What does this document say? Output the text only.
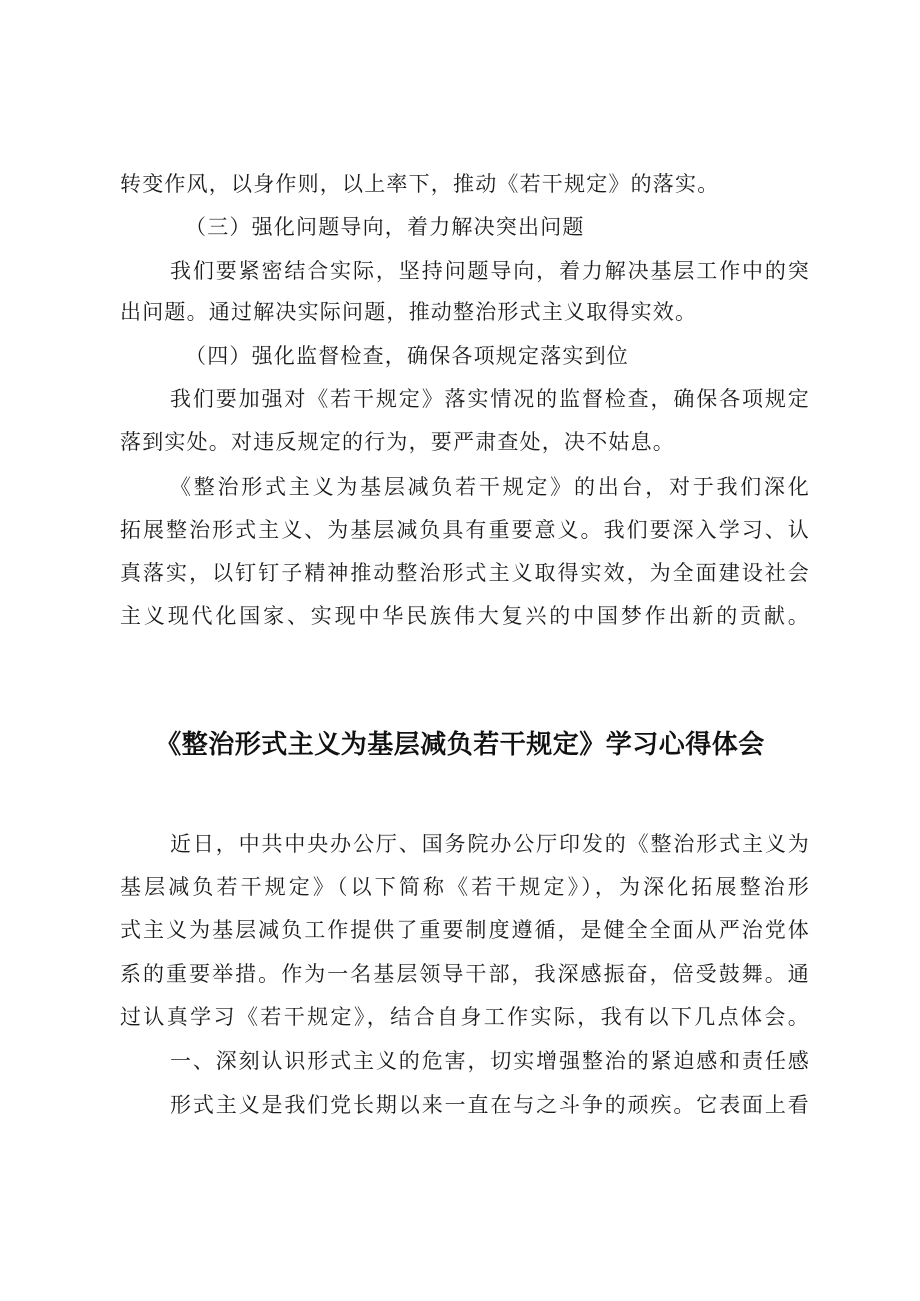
转变作风，以身作则，以上率下，推动《若干规定》的落实。
（三）强化问题导向，着力解决突出问题
我们要紧密结合实际，坚持问题导向，着力解决基层工作中的突
出问题。通过解决实际问题，推动整治形式主义取得实效。
（四）强化监督检查，确保各项规定落实到位
我们要加强对《若干规定》落实情况的监督检查，确保各项规定
落到实处。对违反规定的行为，要严肃查处，决不姑息。
《整治形式主义为基层减负若干规定》的出台，对于我们深化
拓展整治形式主义、为基层减负具有重要意义。我们要深入学习、认
真落实，以钉钉子精神推动整治形式主义取得实效，为全面建设社会
主义现代化国家、实现中华民族伟大复兴的中国梦作出新的贡献。
《整治形式主义为基层减负若干规定》学习心得体会
近日，中共中央办公厅、国务院办公厅印发的《整治形式主义为
基层减负若干规定》（以下简称《若干规定》），为深化拓展整治形
式主义为基层减负工作提供了重要制度遵循，是健全全面从严治党体
系的重要举措。作为一名基层领导干部，我深感振奋，倍受鼓舞。通
过认真学习《若干规定》，结合自身工作实际，我有以下几点体会。
一、深刻认识形式主义的危害，切实增强整治的紧迫感和责任感
形式主义是我们党长期以来一直在与之斗争的顽疾。它表面上看
